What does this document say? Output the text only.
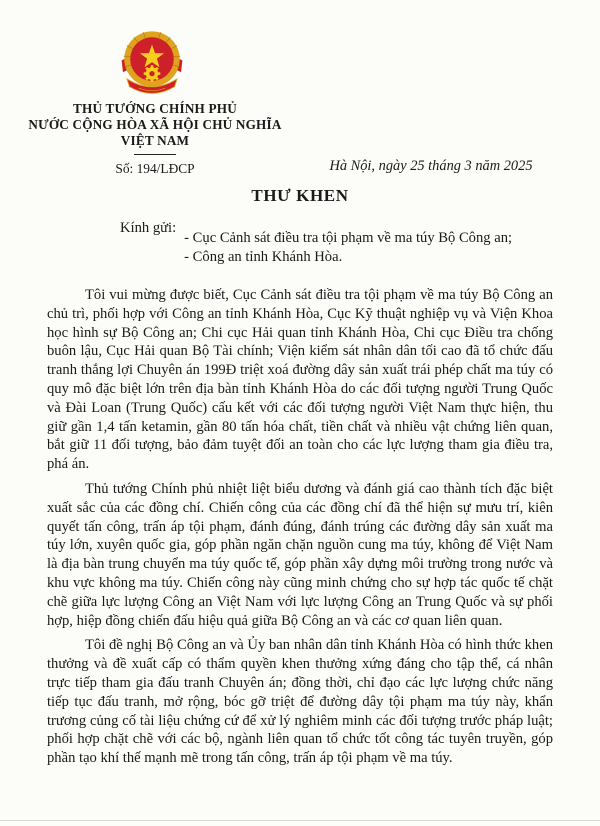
THỦ TƯỚNG CHÍNH PHỦ
NƯỚC CỘNG HÒA XÃ HỘI CHỦ NGHĨA
VIỆT NAM
Số: 194/LĐCP	Hà Nội, ngày 25 tháng 3 năm 2025
THƯ KHEN
Kính gửi:
- Cục Cảnh sát điều tra tội phạm về ma túy Bộ Công an;
- Công an tỉnh Khánh Hòa.

Tôi vui mừng được biết, Cục Cảnh sát điều tra tội phạm về ma túy Bộ Công an chủ trì, phối hợp với Công an tỉnh Khánh Hòa, Cục Kỹ thuật nghiệp vụ và Viện Khoa học hình sự Bộ Công an; Chi cục Hải quan tỉnh Khánh Hòa, Chi cục Điều tra chống buôn lậu, Cục Hải quan Bộ Tài chính; Viện kiểm sát nhân dân tối cao đã tổ chức đấu tranh thắng lợi Chuyên án 199Đ triệt xoá đường dây sản xuất trái phép chất ma túy có quy mô đặc biệt lớn trên địa bàn tỉnh Khánh Hòa do các đối tượng người Trung Quốc và Đài Loan (Trung Quốc) cấu kết với các đối tượng người Việt Nam thực hiện, thu giữ gần 1,4 tấn ketamin, gần 80 tấn hóa chất, tiền chất và nhiều vật chứng liên quan, bắt giữ 11 đối tượng, bảo đảm tuyệt đối an toàn cho các lực lượng tham gia điều tra, phá án.

Thủ tướng Chính phủ nhiệt liệt biểu dương và đánh giá cao thành tích đặc biệt xuất sắc của các đồng chí. Chiến công của các đồng chí đã thể hiện sự mưu trí, kiên quyết tấn công, trấn áp tội phạm, đánh đúng, đánh trúng các đường dây sản xuất ma túy lớn, xuyên quốc gia, góp phần ngăn chặn nguồn cung ma túy, không để Việt Nam là địa bàn trung chuyển ma túy quốc tế, góp phần xây dựng môi trường trong nước và khu vực không ma túy. Chiến công này cũng minh chứng cho sự hợp tác quốc tế chặt chẽ giữa lực lượng Công an Việt Nam với lực lượng Công an Trung Quốc và sự phối hợp, hiệp đồng chiến đấu hiệu quả giữa Bộ Công an và các cơ quan liên quan.

Tôi đề nghị Bộ Công an và Ủy ban nhân dân tỉnh Khánh Hòa có hình thức khen thưởng và đề xuất cấp có thẩm quyền khen thưởng xứng đáng cho tập thể, cá nhân trực tiếp tham gia đấu tranh Chuyên án; đồng thời, chỉ đạo các lực lượng chức năng tiếp tục đấu tranh, mở rộng, bóc gỡ triệt để đường dây tội phạm ma túy này, khẩn trương củng cố tài liệu chứng cứ để xử lý nghiêm minh các đối tượng trước pháp luật; phối hợp chặt chẽ với các bộ, ngành liên quan tổ chức tốt công tác tuyên truyền, góp phần tạo khí thế mạnh mẽ trong tấn công, trấn áp tội phạm về ma túy.
